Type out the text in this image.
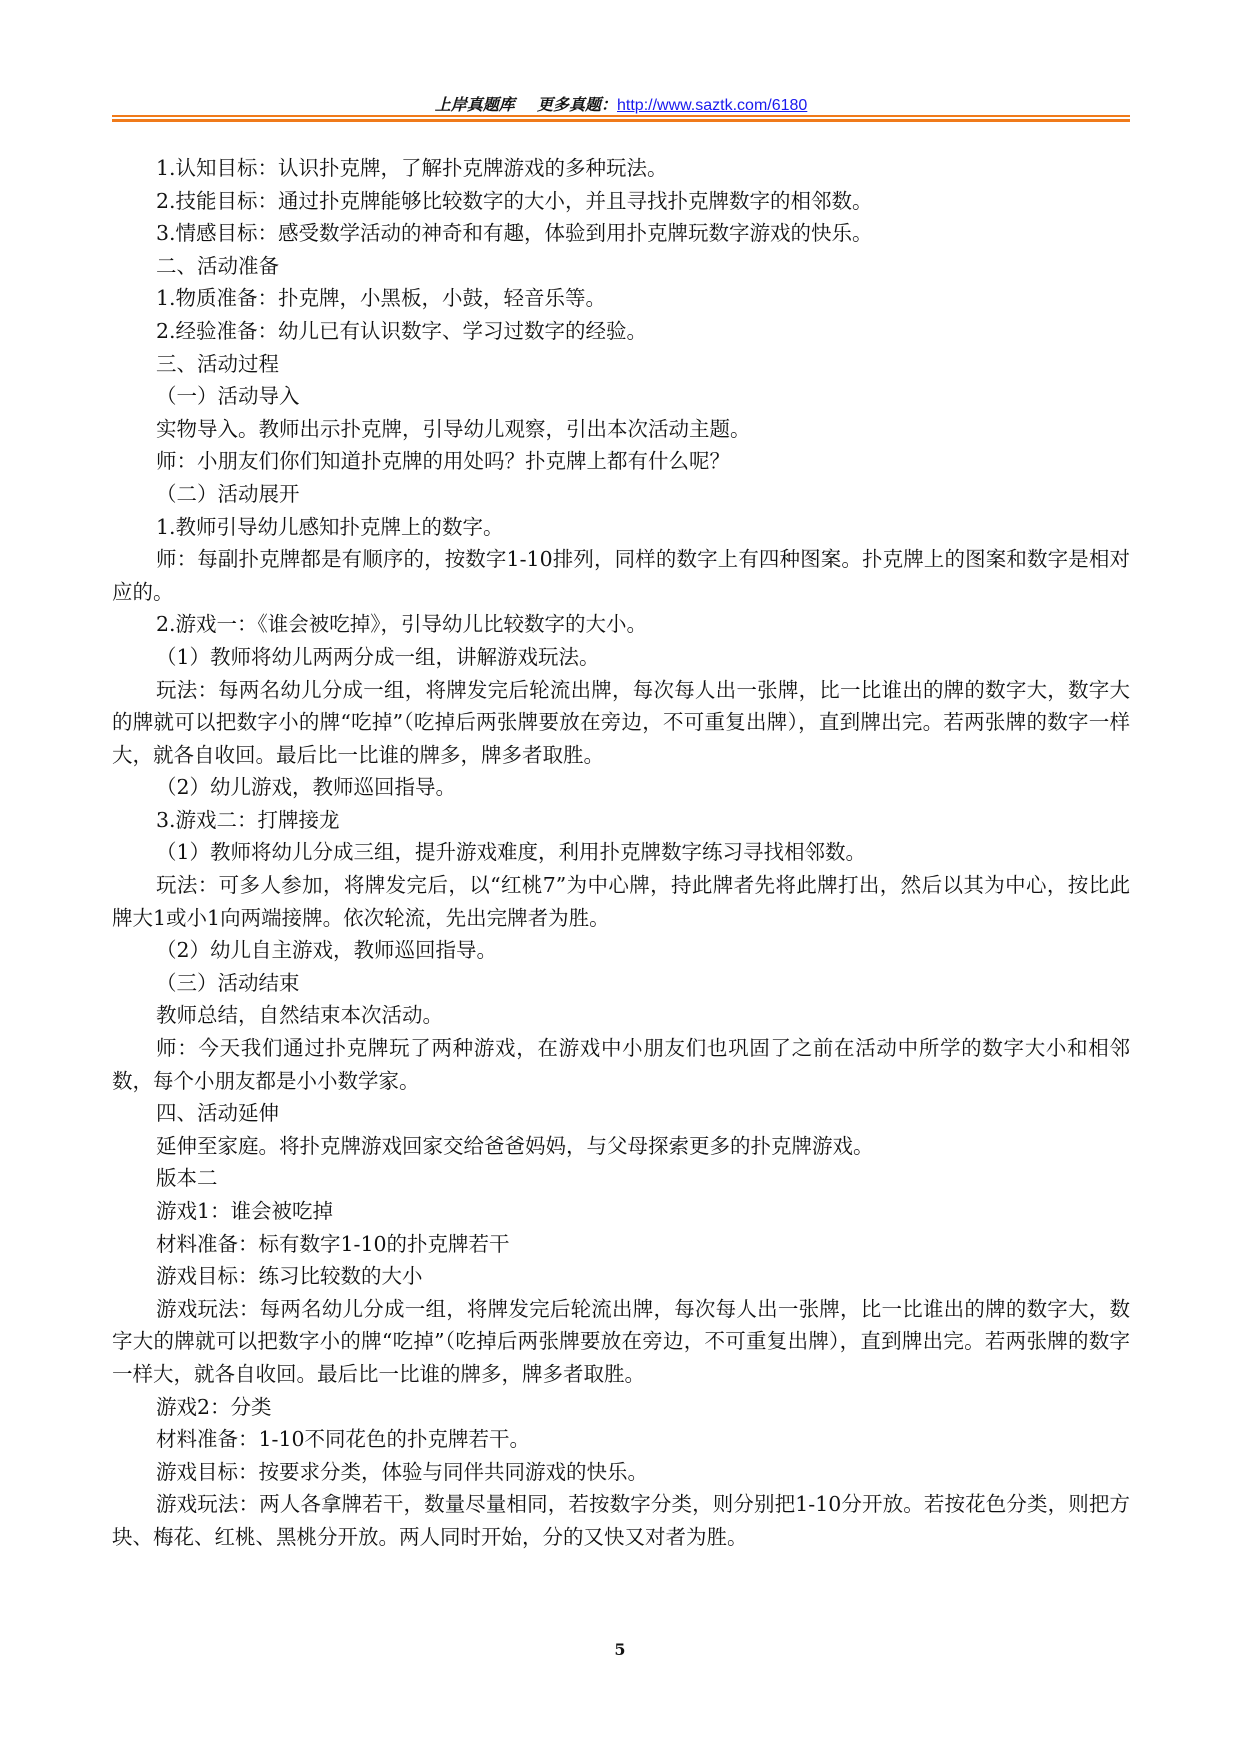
上岸真题库 更多真题：http://www.saztk.com/6180

1.认知目标：认识扑克牌，了解扑克牌游戏的多种玩法。

2.技能目标：通过扑克牌能够比较数字的大小，并且寻找扑克牌数字的相邻数。

3.情感目标：感受数学活动的神奇和有趣，体验到用扑克牌玩数字游戏的快乐。

二、活动准备

1.物质准备：扑克牌，小黑板，小鼓，轻音乐等。

2.经验准备：幼儿已有认识数字、学习过数字的经验。

三、活动过程

（一）活动导入

实物导入。教师出示扑克牌，引导幼儿观察，引出本次活动主题。

师：小朋友们你们知道扑克牌的用处吗？扑克牌上都有什么呢？

（二）活动展开

1.教师引导幼儿感知扑克牌上的数字。

师：每副扑克牌都是有顺序的，按数字1-10排列，同样的数字上有四种图案。扑克牌上的图案和数字是相对应的。

2.游戏一：《谁会被吃掉》，引导幼儿比较数字的大小。

（1）教师将幼儿两两分成一组，讲解游戏玩法。

玩法：每两名幼儿分成一组，将牌发完后轮流出牌，每次每人出一张牌，比一比谁出的牌的数字大，数字大的牌就可以把数字小的牌“吃掉”（吃掉后两张牌要放在旁边，不可重复出牌），直到牌出完。若两张牌的数字一样大，就各自收回。最后比一比谁的牌多，牌多者取胜。

（2）幼儿游戏，教师巡回指导。

3.游戏二：打牌接龙

（1）教师将幼儿分成三组，提升游戏难度，利用扑克牌数字练习寻找相邻数。

玩法：可多人参加，将牌发完后，以“红桃7”为中心牌，持此牌者先将此牌打出，然后以其为中心，按比此牌大1或小1向两端接牌。依次轮流，先出完牌者为胜。

（2）幼儿自主游戏，教师巡回指导。

（三）活动结束

教师总结，自然结束本次活动。

师：今天我们通过扑克牌玩了两种游戏，在游戏中小朋友们也巩固了之前在活动中所学的数字大小和相邻数，每个小朋友都是小小数学家。

四、活动延伸

延伸至家庭。将扑克牌游戏回家交给爸爸妈妈，与父母探索更多的扑克牌游戏。

版本二

游戏1：谁会被吃掉

材料准备：标有数字1-10的扑克牌若干

游戏目标：练习比较数的大小

游戏玩法：每两名幼儿分成一组，将牌发完后轮流出牌，每次每人出一张牌，比一比谁出的牌的数字大，数字大的牌就可以把数字小的牌“吃掉”（吃掉后两张牌要放在旁边，不可重复出牌），直到牌出完。若两张牌的数字一样大，就各自收回。最后比一比谁的牌多，牌多者取胜。

游戏2：分类

材料准备：1-10不同花色的扑克牌若干。

游戏目标：按要求分类，体验与同伴共同游戏的快乐。

游戏玩法：两人各拿牌若干，数量尽量相同，若按数字分类，则分别把1-10分开放。若按花色分类，则把方块、梅花、红桃、黑桃分开放。两人同时开始，分的又快又对者为胜。

5
